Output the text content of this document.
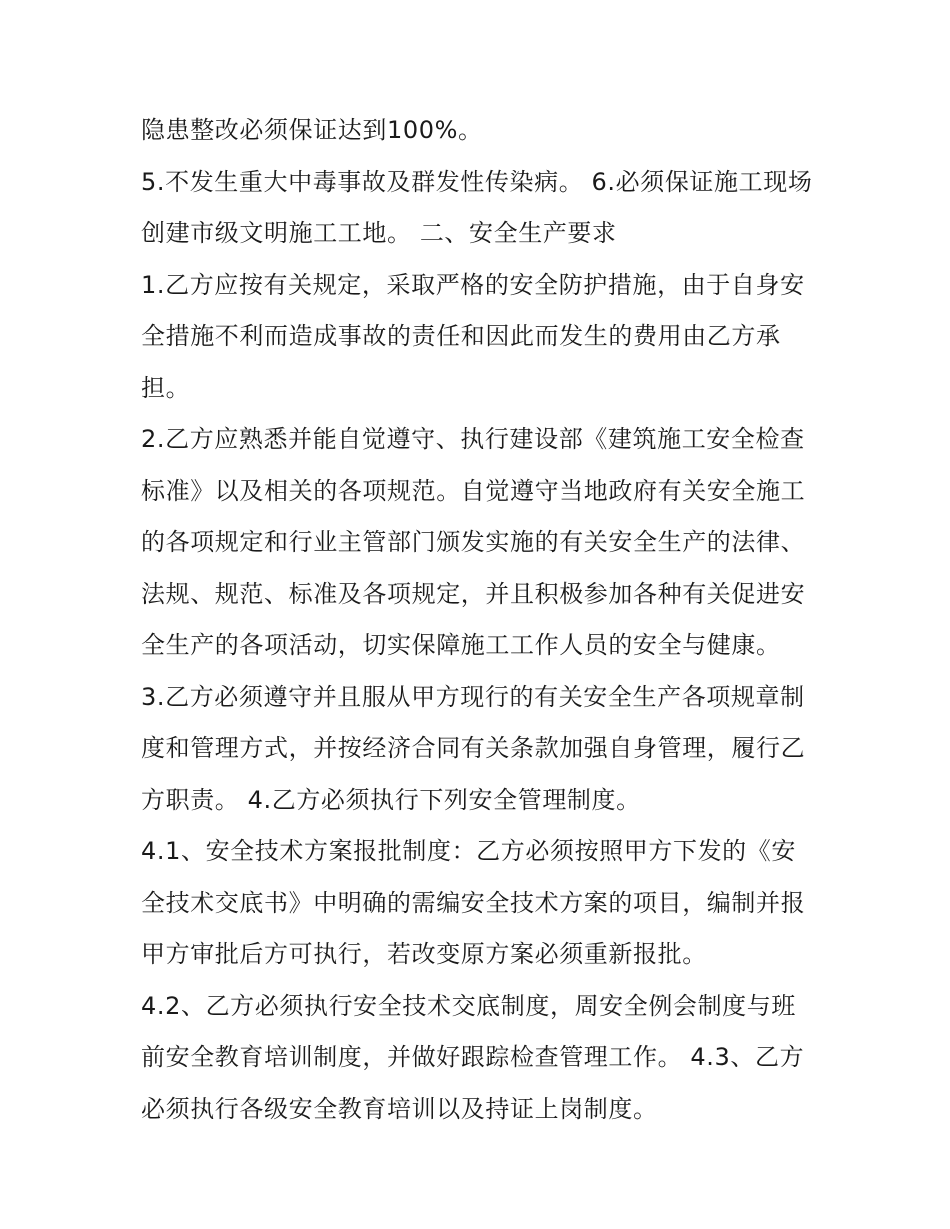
隐患整改必须保证达到100%。
5.不发生重大中毒事故及群发性传染病。 6.必须保证施工现场
创建市级文明施工工地。 二、安全生产要求
1.乙方应按有关规定，采取严格的安全防护措施，由于自身安
全措施不利而造成事故的责任和因此而发生的费用由乙方承
担。
2.乙方应熟悉并能自觉遵守、执行建设部《建筑施工安全检查
标准》以及相关的各项规范。自觉遵守当地政府有关安全施工
的各项规定和行业主管部门颁发实施的有关安全生产的法律、
法规、规范、标准及各项规定，并且积极参加各种有关促进安
全生产的各项活动，切实保障施工工作人员的安全与健康。
3.乙方必须遵守并且服从甲方现行的有关安全生产各项规章制
度和管理方式，并按经济合同有关条款加强自身管理，履行乙
方职责。 4.乙方必须执行下列安全管理制度。
4.1、安全技术方案报批制度：乙方必须按照甲方下发的《安
全技术交底书》中明确的需编安全技术方案的项目，编制并报
甲方审批后方可执行，若改变原方案必须重新报批。
4.2、乙方必须执行安全技术交底制度，周安全例会制度与班
前安全教育培训制度，并做好跟踪检查管理工作。 4.3、乙方
必须执行各级安全教育培训以及持证上岗制度。
